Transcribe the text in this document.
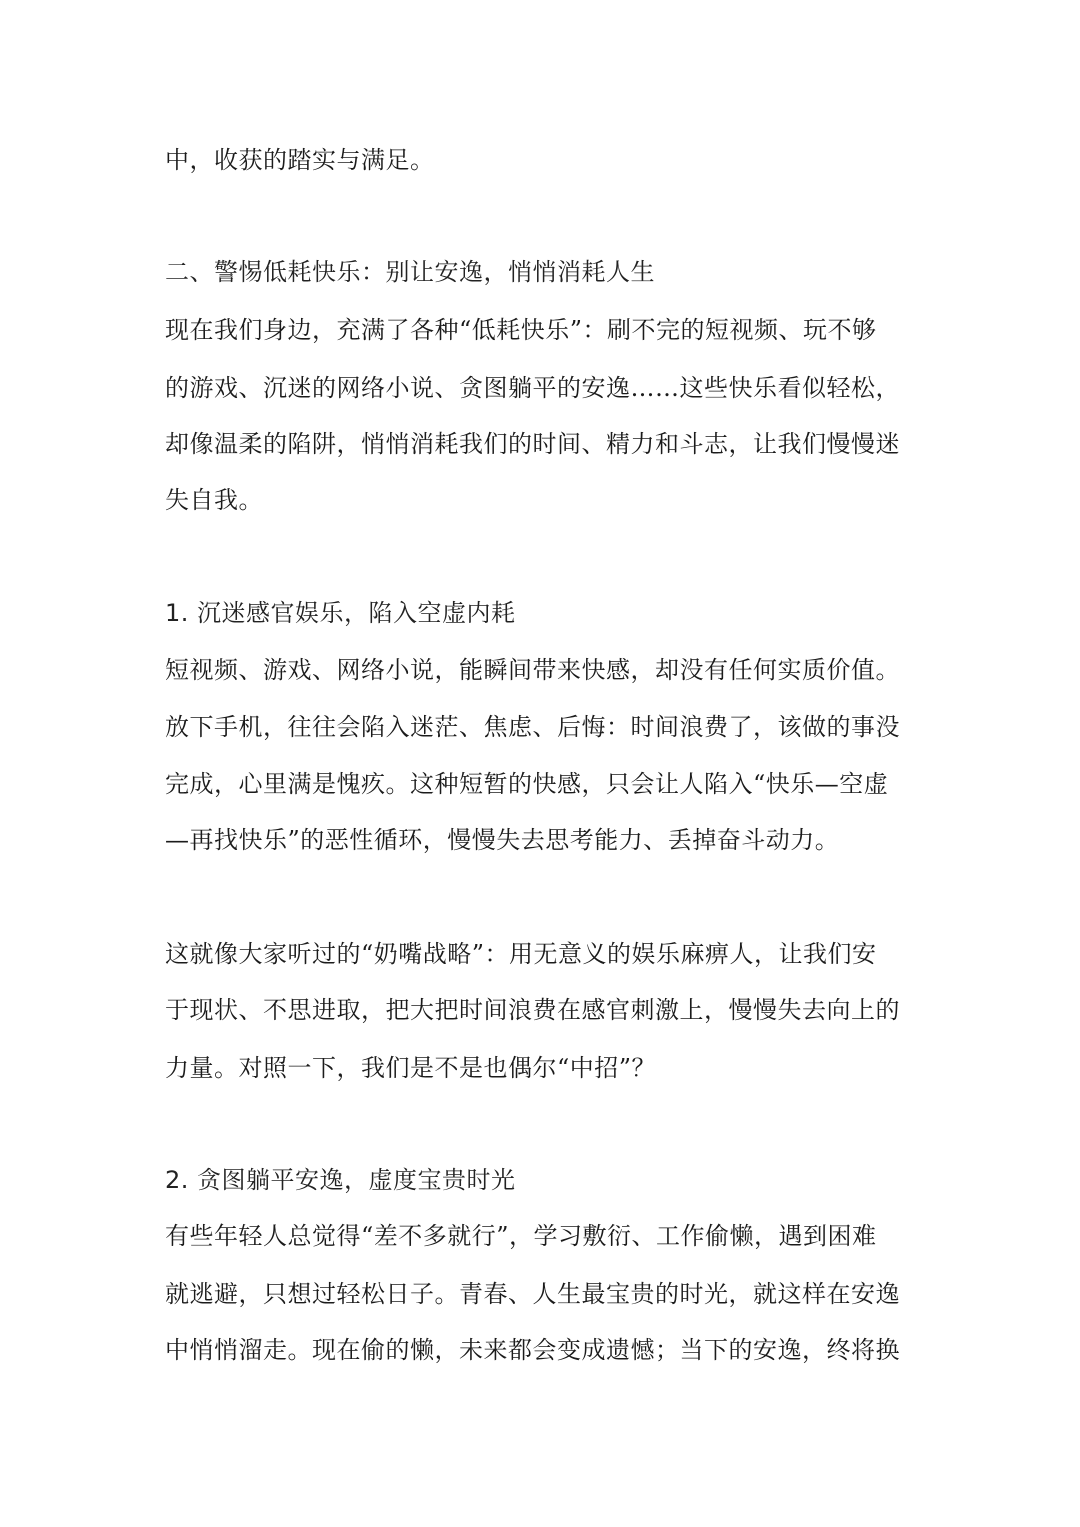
中，收获的踏实与满足。
二、警惕低耗快乐：别让安逸，悄悄消耗人生
现在我们身边，充满了各种“低耗快乐”：刷不完的短视频、玩不够
的游戏、沉迷的网络小说、贪图躺平的安逸……这些快乐看似轻松，
却像温柔的陷阱，悄悄消耗我们的时间、精力和斗志，让我们慢慢迷
失自我。
1. 沉迷感官娱乐，陷入空虚内耗
短视频、游戏、网络小说，能瞬间带来快感，却没有任何实质价值。
放下手机，往往会陷入迷茫、焦虑、后悔：时间浪费了，该做的事没
完成，心里满是愧疚。这种短暂的快感，只会让人陷入“快乐—空虚
—再找快乐”的恶性循环，慢慢失去思考能力、丢掉奋斗动力。
这就像大家听过的“奶嘴战略”：用无意义的娱乐麻痹人，让我们安
于现状、不思进取，把大把时间浪费在感官刺激上，慢慢失去向上的
力量。对照一下，我们是不是也偶尔“中招”？
2. 贪图躺平安逸，虚度宝贵时光
有些年轻人总觉得“差不多就行”，学习敷衍、工作偷懒，遇到困难
就逃避，只想过轻松日子。青春、人生最宝贵的时光，就这样在安逸
中悄悄溜走。现在偷的懒，未来都会变成遗憾；当下的安逸，终将换
